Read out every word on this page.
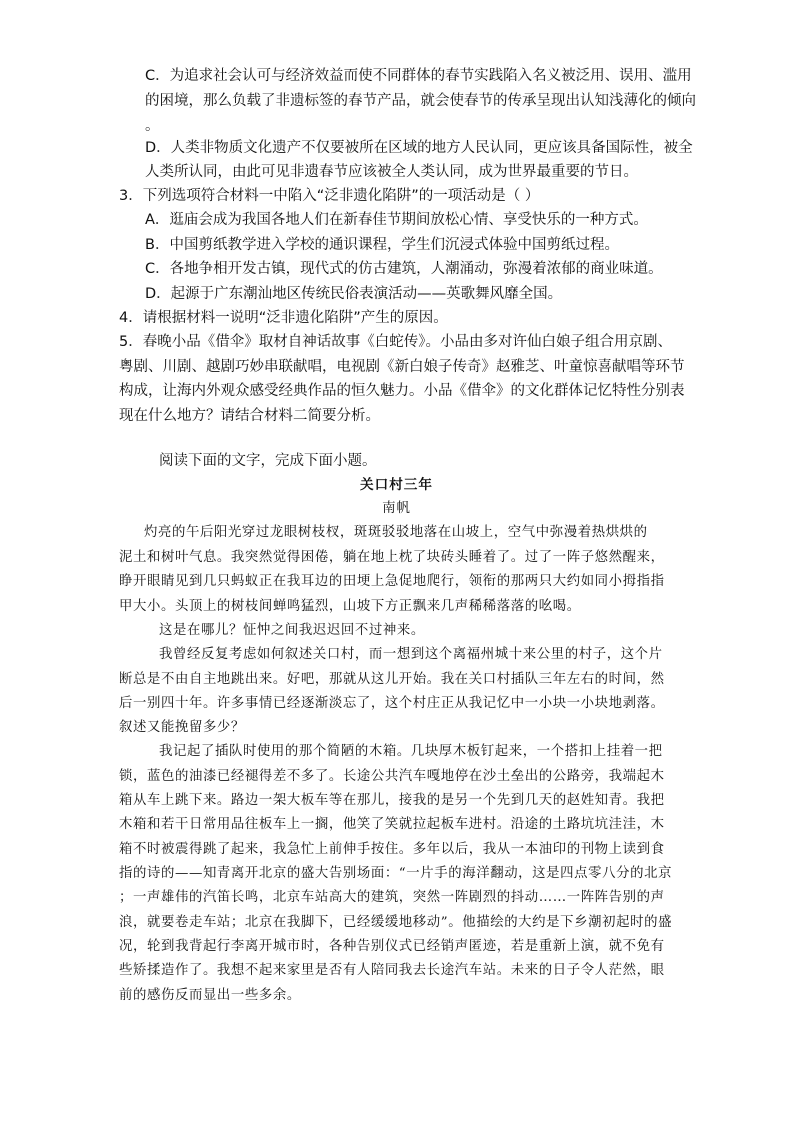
C．为追求社会认可与经济效益而使不同群体的春节实践陷入名义被泛用、误用、滥用
的困境，那么负载了非遗标签的春节产品，就会使春节的传承呈现出认知浅薄化的倾向
。
D．人类非物质文化遗产不仅要被所在区域的地方人民认同，更应该具备国际性，被全
人类所认同，由此可见非遗春节应该被全人类认同，成为世界最重要的节日。
3．下列选项符合材料一中陷入“泛非遗化陷阱”的一项活动是（ ）
A．逛庙会成为我国各地人们在新春佳节期间放松心情、享受快乐的一种方式。
B．中国剪纸教学进入学校的通识课程，学生们沉浸式体验中国剪纸过程。
C．各地争相开发古镇，现代式的仿古建筑，人潮涌动，弥漫着浓郁的商业味道。
D．起源于广东潮汕地区传统民俗表演活动——英歌舞风靡全国。
4．请根据材料一说明“泛非遗化陷阱”产生的原因。
5．春晚小品《借伞》取材自神话故事《白蛇传》。小品由多对许仙白娘子组合用京剧、
粤剧、川剧、越剧巧妙串联献唱，电视剧《新白娘子传奇》赵雅芝、叶童惊喜献唱等环节
构成，让海内外观众感受经典作品的恒久魅力。小品《借伞》的文化群体记忆特性分别表
现在什么地方？请结合材料二简要分析。
阅读下面的文字，完成下面小题。
关口村三年
南帆
灼亮的午后阳光穿过龙眼树枝杈，斑斑驳驳地落在山坡上，空气中弥漫着热烘烘的
泥土和树叶气息。我突然觉得困倦，躺在地上枕了块砖头睡着了。过了一阵子悠然醒来，
睁开眼睛见到几只蚂蚁正在我耳边的田埂上急促地爬行，领衔的那两只大约如同小拇指指
甲大小。头顶上的树枝间蝉鸣猛烈，山坡下方正飘来几声稀稀落落的吆喝。
这是在哪儿？怔忡之间我迟迟回不过神来。
我曾经反复考虑如何叙述关口村，而一想到这个离福州城十来公里的村子，这个片
断总是不由自主地跳出来。好吧，那就从这儿开始。我在关口村插队三年左右的时间，然
后一别四十年。许多事情已经逐渐淡忘了，这个村庄正从我记忆中一小块一小块地剥落。
叙述又能挽留多少？
我记起了插队时使用的那个简陋的木箱。几块厚木板钉起来，一个搭扣上挂着一把
锁，蓝色的油漆已经褪得差不多了。长途公共汽车嘎地停在沙土垒出的公路旁，我端起木
箱从车上跳下来。路边一架大板车等在那儿，接我的是另一个先到几天的赵姓知青。我把
木箱和若干日常用品往板车上一搁，他笑了笑就拉起板车进村。沿途的土路坑坑洼洼，木
箱不时被震得跳了起来，我急忙上前伸手按住。多年以后，我从一本油印的刊物上读到食
指的诗的——知青离开北京的盛大告别场面：“一片手的海洋翻动，这是四点零八分的北京
；一声雄伟的汽笛长鸣，北京车站高大的建筑，突然一阵剧烈的抖动……一阵阵告别的声
浪，就要卷走车站；北京在我脚下，已经缓缓地移动”。他描绘的大约是下乡潮初起时的盛
况，轮到我背起行李离开城市时，各种告别仪式已经销声匿迹，若是重新上演，就不免有
些矫揉造作了。我想不起来家里是否有人陪同我去长途汽车站。未来的日子令人茫然，眼
前的感伤反而显出一些多余。
